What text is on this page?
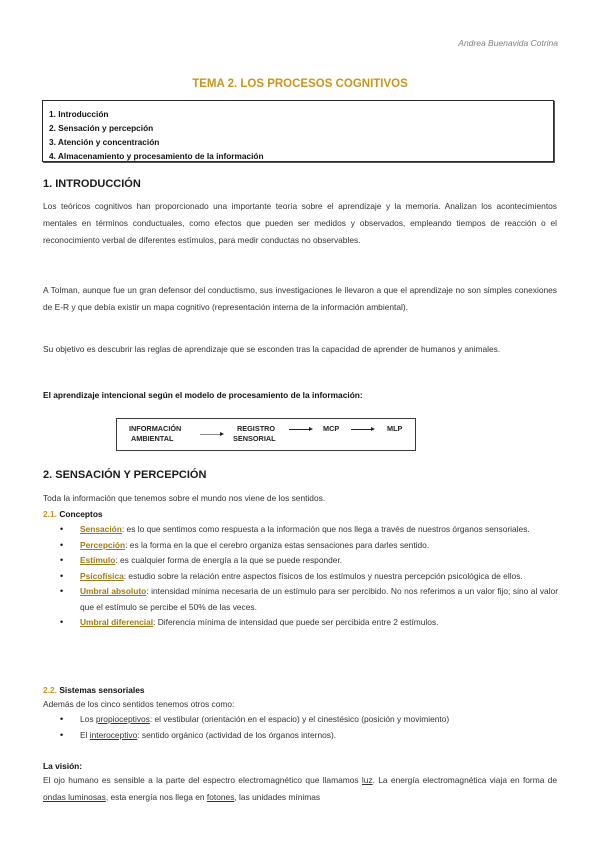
Andrea Buenavida Cotrina
TEMA 2. LOS PROCESOS COGNITIVOS
1. Introducción
2. Sensación y percepción
3. Atención y concentración
4. Almacenamiento y procesamiento de la información
1. INTRODUCCIÓN
Los teóricos cognitivos han proporcionado una importante teoría sobre el aprendizaje y la memoria. Analizan los acontecimientos mentales en términos conductuales, como efectos que pueden ser medidos y observados, empleando tiempos de reacción o el reconocimiento verbal de diferentes estímulos, para medir conductas no observables.
A Tolman, aunque fue un gran defensor del conductismo, sus investigaciones le llevaron a que el aprendizaje no son simples conexiones de E-R y que debía existir un mapa cognitivo (representación interna de la información ambiental).
Su objetivo es descubrir las reglas de aprendizaje que se esconden tras la capacidad de aprender de humanos y animales.
El aprendizaje intencional según el modelo de procesamiento de la información:
INFORMACIÓN
AMBIENTAL
REGISTRO
SENSORIAL
MCP	MLP
2. SENSACIÓN Y PERCEPCIÓN
Toda la información que tenemos sobre el mundo nos viene de los sentidos.
2.1. Conceptos
• Sensación: es lo que sentimos como respuesta a la información que nos llega a través de nuestros órganos sensoriales.
• Percepción: es la forma en la que el cerebro organiza estas sensaciones para darles sentido.
• Estímulo: es cualquier forma de energía a la que se puede responder.
• Psicofísica: estudio sobre la relación entre aspectos físicos de los estímulos y nuestra percepción psicológica de ellos.
• Umbral absoluto: intensidad mínima necesaria de un estímulo para ser percibido. No nos referimos a un valor fijo; sino al valor que el estímulo se percibe el 50% de las veces.
• Umbral diferencial: Diferencia mínima de intensidad que puede ser percibida entre 2 estímulos.
2.2. Sistemas sensoriales
Además de los cinco sentidos tenemos otros como:
• Los propioceptivos: el vestibular (orientación en el espacio) y el cinestésico (posición y movimiento)
• El interoceptivo: sentido orgánico (actividad de los órganos internos).
La visión:
El ojo humano es sensible a la parte del espectro electromagnético que llamamos luz. La energía electromagnética viaja en forma de ondas luminosas, esta energía nos llega en fotones, las unidades mínimas
